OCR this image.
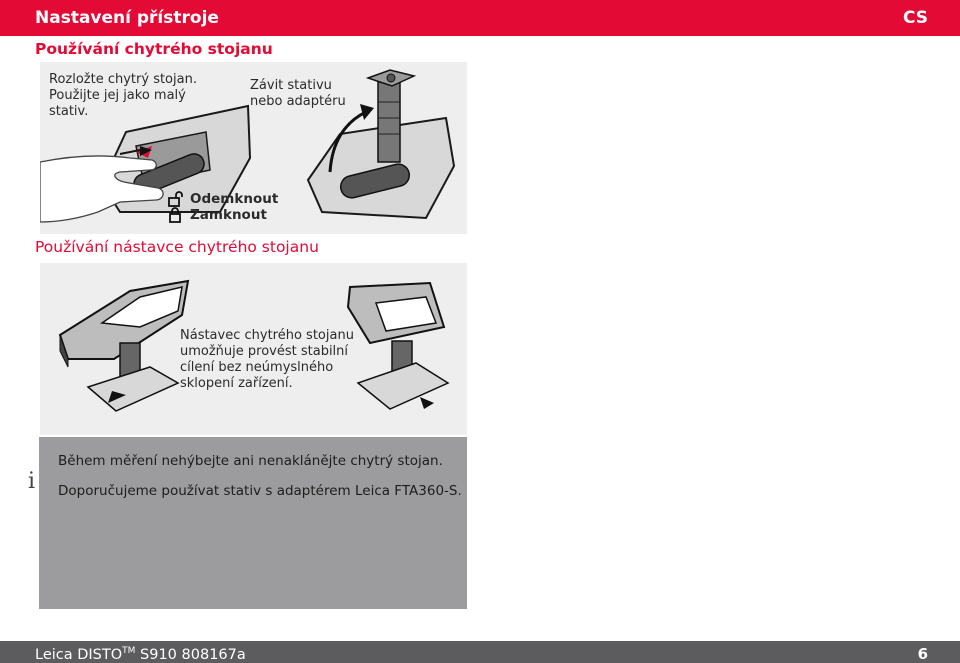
Nastavení přístroje	CS
Používání chytrého stojanu
Rozložte chytrý stojan.
Použijte jej jako malý
stativ.
Závit stativu
nebo adaptéru
Odemknout
Zamknout
Používání nástavce chytrého stojanu
Nástavec chytrého stojanu
umožňuje provést stabilní
cílení bez neúmyslného
sklopení zařízení.
i
Během měření nehýbejte ani nenaklánějte chytrý stojan.
Doporučujeme používat stativ s adaptérem Leica FTA360-S.
Leica DISTO™ S910 808167a	6
